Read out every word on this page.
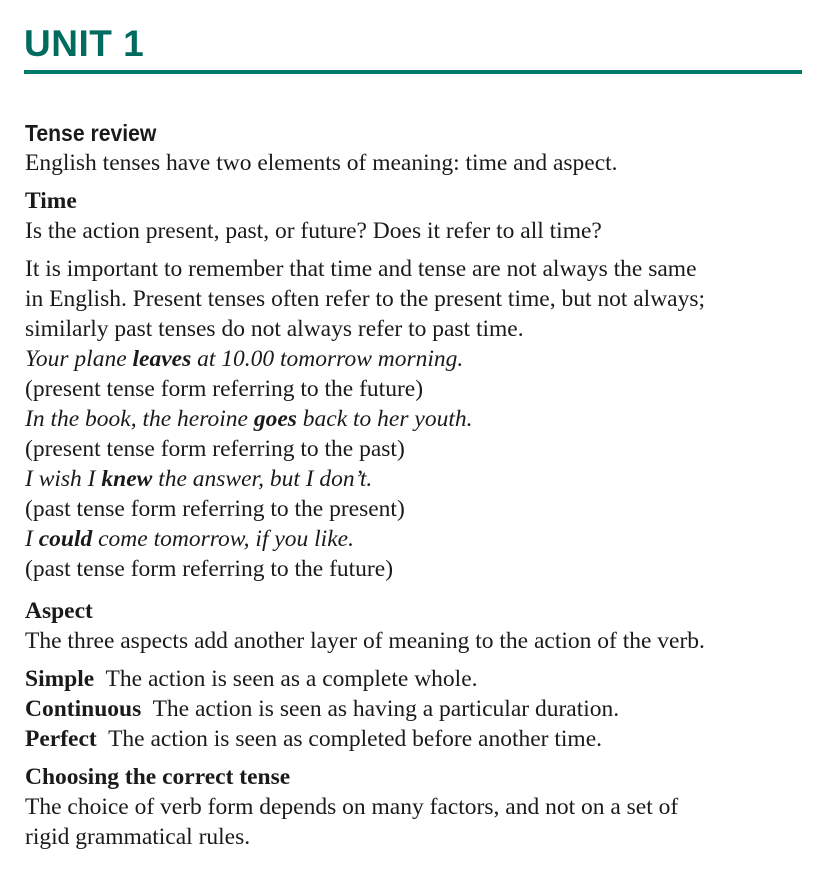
UNIT 1
Tense review

English tenses have two elements of meaning: time and aspect.

Time

Is the action present, past, or future? Does it refer to all time?

It is important to remember that time and tense are not always the same

in English. Present tenses often refer to the present time, but not always;

similarly past tenses do not always refer to past time.

Your plane leaves at 10.00 tomorrow morning.

(present tense form referring to the future)

In the book, the heroine goes back to her youth.

(present tense form referring to the past)

I wish I knew the answer, but I don’t.

(past tense form referring to the present)

I could come tomorrow, if you like.

(past tense form referring to the future)

Aspect

The three aspects add another layer of meaning to the action of the verb.

Simple The action is seen as a complete whole.

Continuous The action is seen as having a particular duration.

Perfect The action is seen as completed before another time.

Choosing the correct tense

The choice of verb form depends on many factors, and not on a set of

rigid grammatical rules.
